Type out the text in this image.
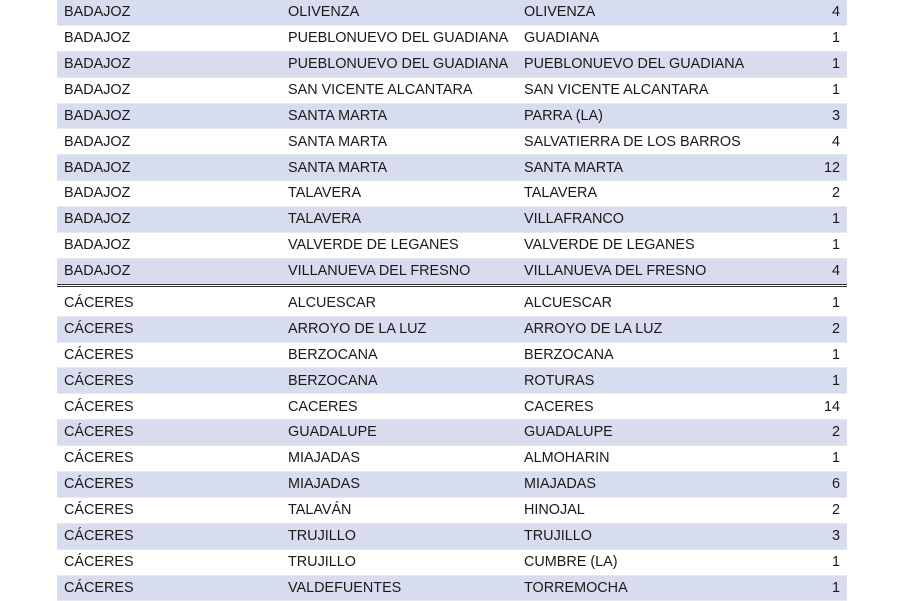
BADAJOZ	OLIVENZA	OLIVENZA	4
BADAJOZ	PUEBLONUEVO DEL GUADIANA	GUADIANA	1
BADAJOZ	PUEBLONUEVO DEL GUADIANA	PUEBLONUEVO DEL GUADIANA	1
BADAJOZ	SAN VICENTE ALCANTARA	SAN VICENTE ALCANTARA	1
BADAJOZ	SANTA MARTA	PARRA (LA)	3
BADAJOZ	SANTA MARTA	SALVATIERRA DE LOS BARROS	4
BADAJOZ	SANTA MARTA	SANTA MARTA	12
BADAJOZ	TALAVERA	TALAVERA	2
BADAJOZ	TALAVERA	VILLAFRANCO	1
BADAJOZ	VALVERDE DE LEGANES	VALVERDE DE LEGANES	1
BADAJOZ	VILLANUEVA DEL FRESNO	VILLANUEVA DEL FRESNO	4
CÁCERES	ALCUESCAR	ALCUESCAR	1
CÁCERES	ARROYO DE LA LUZ	ARROYO DE LA LUZ	2
CÁCERES	BERZOCANA	BERZOCANA	1
CÁCERES	BERZOCANA	ROTURAS	1
CÁCERES	CACERES	CACERES	14
CÁCERES	GUADALUPE	GUADALUPE	2
CÁCERES	MIAJADAS	ALMOHARIN	1
CÁCERES	MIAJADAS	MIAJADAS	6
CÁCERES	TALAVÁN	HINOJAL	2
CÁCERES	TRUJILLO	TRUJILLO	3
CÁCERES	TRUJILLO	CUMBRE (LA)	1
CÁCERES	VALDEFUENTES	TORREMOCHA	1
